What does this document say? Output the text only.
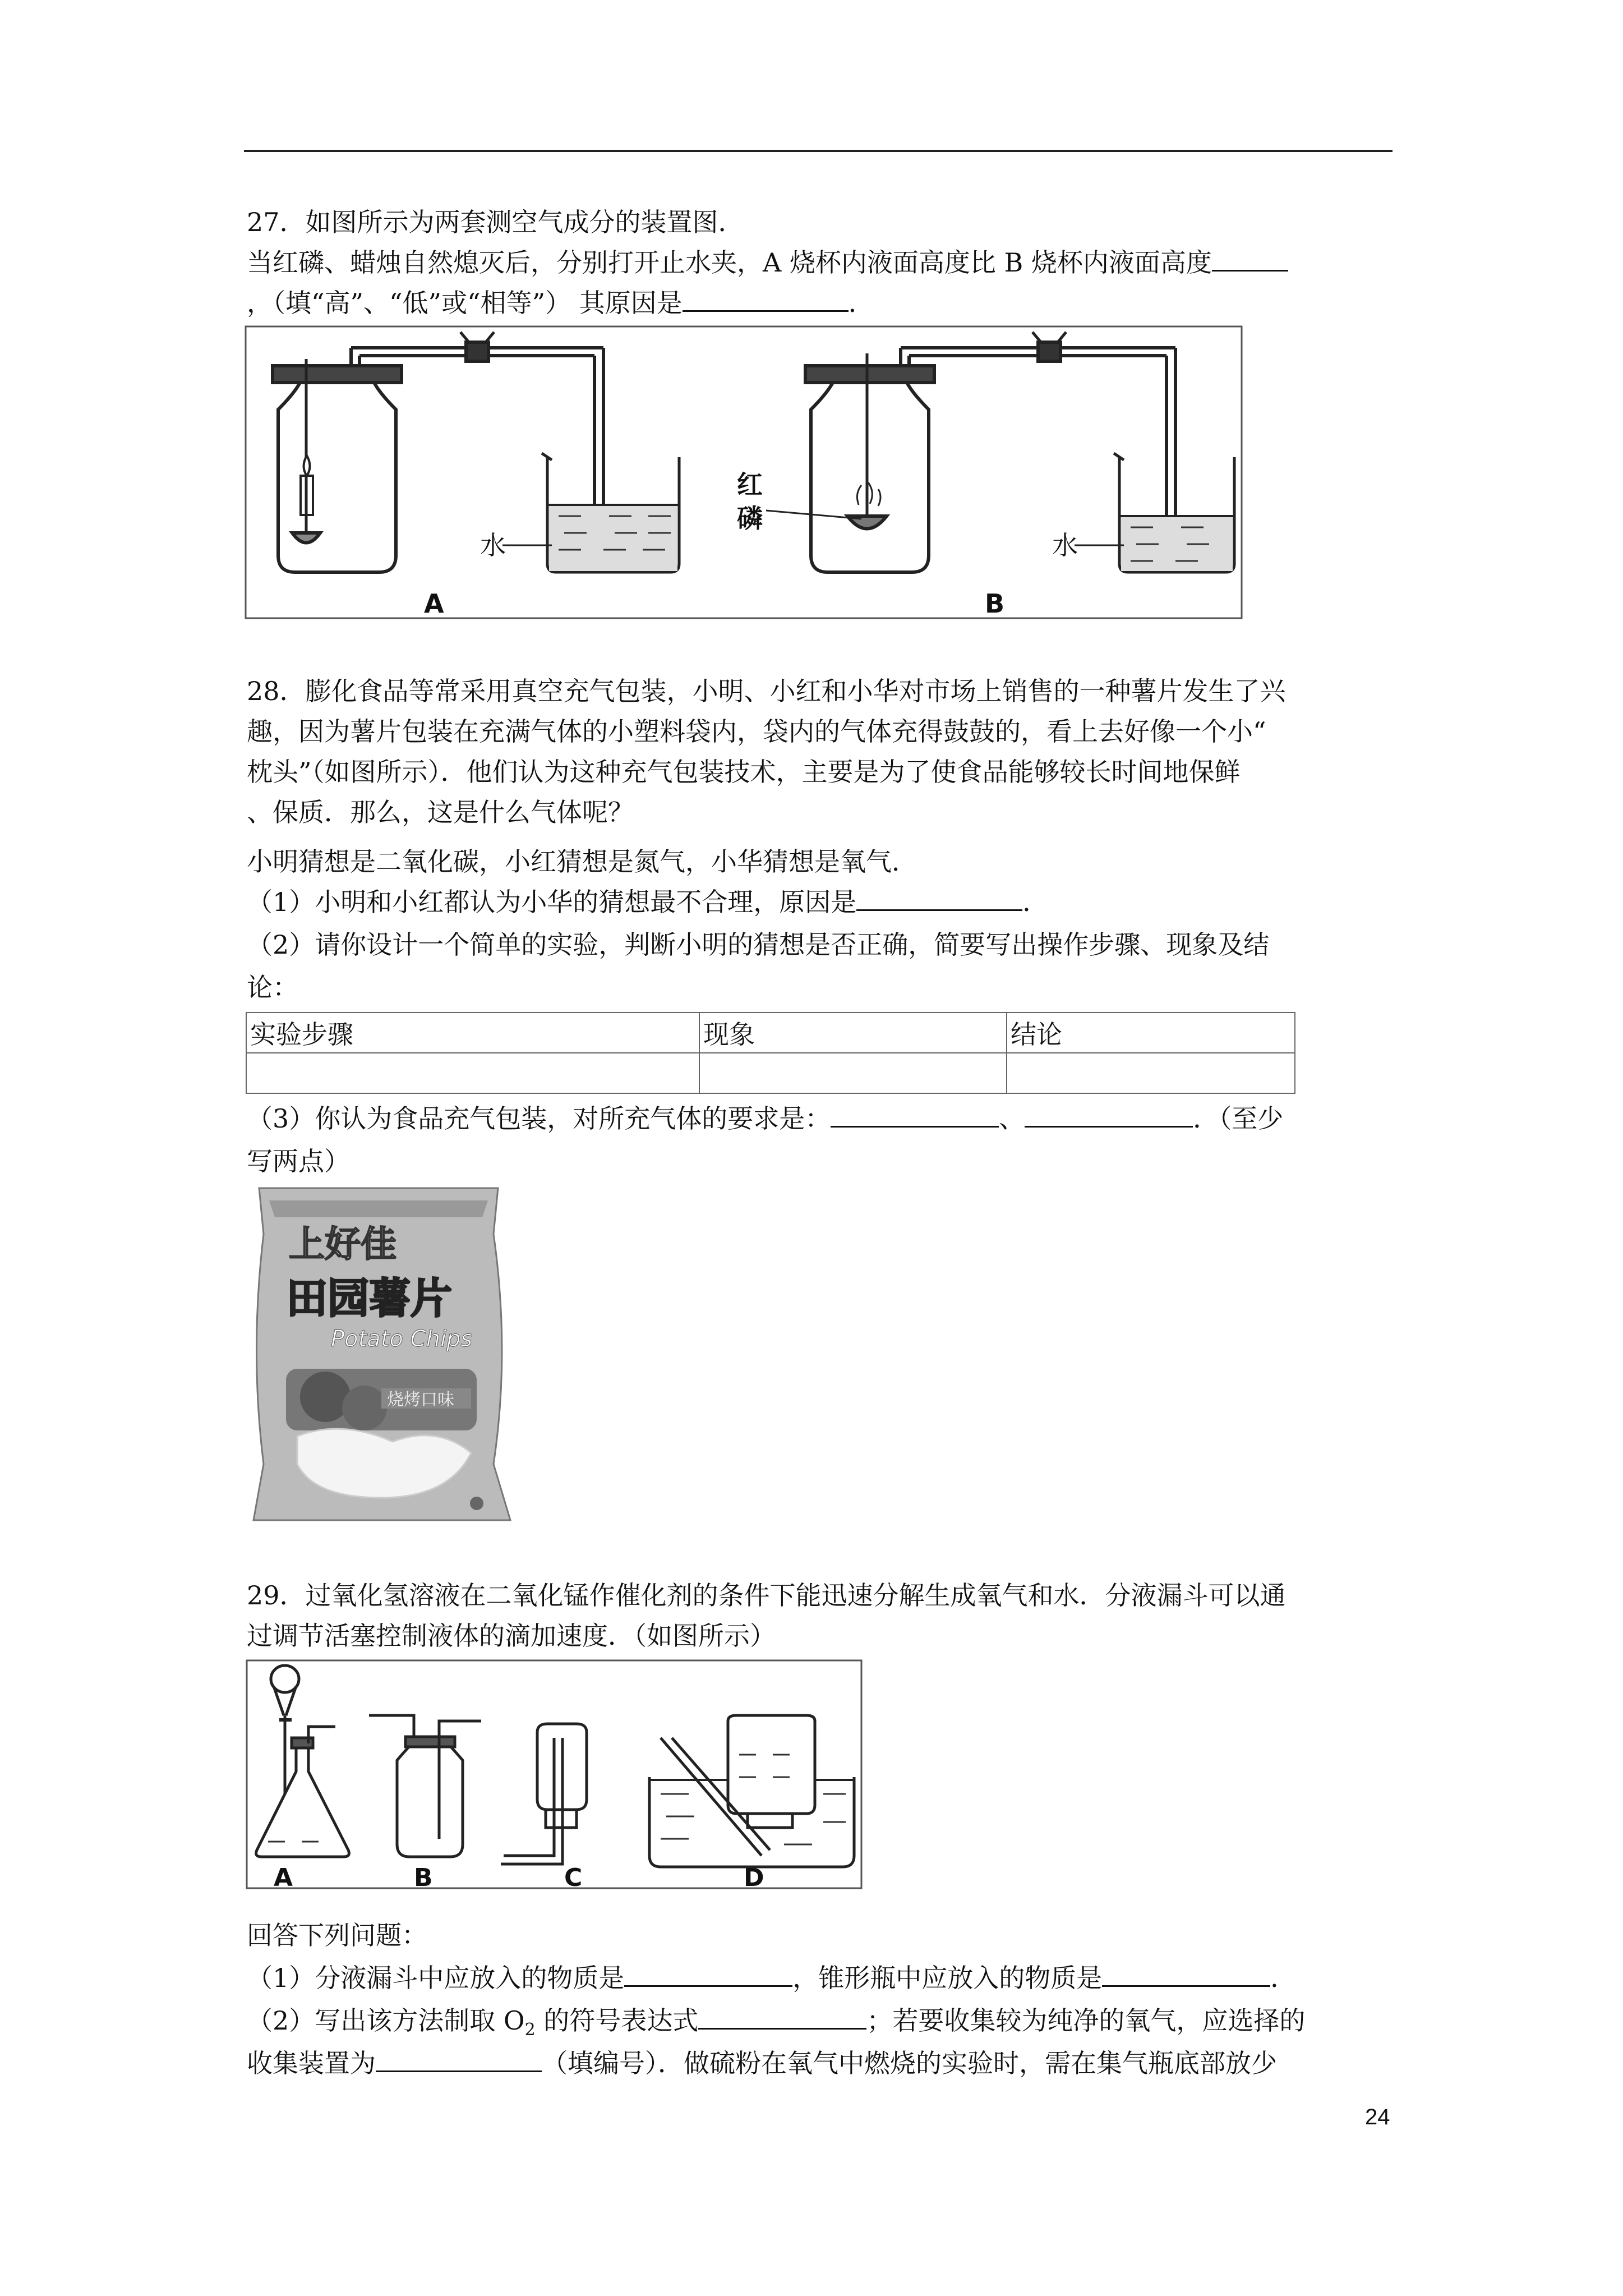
27．如图所示为两套测空气成分的装置图．
当红磷、蜡烛自然熄灭后，分别打开止水夹，A 烧杯内液面高度比 B 烧杯内液面高度
，（填“高”、“低”或“相等”） 其原因是	．
水
A
红
磷
水
B
28．膨化食品等常采用真空充气包装，小明、小红和小华对市场上销售的一种薯片发生了兴
趣，因为薯片包装在充满气体的小塑料袋内，袋内的气体充得鼓鼓的，看上去好像一个小“
枕头”（如图所示）．他们认为这种充气包装技术，主要是为了使食品能够较长时间地保鲜
、保质．那么，这是什么气体呢？
小明猜想是二氧化碳，小红猜想是氮气，小华猜想是氧气．
（1）小明和小红都认为小华的猜想最不合理，原因是	．
（2）请你设计一个简单的实验，判断小明的猜想是否正确，简要写出操作步骤、现象及结
论：
实验步骤	现象	结论

（3）你认为食品充气包装，对所充气体的要求是：	、	．（至少
写两点）
上好佳
田园薯片
Potato Chips
烧烤口味
29．过氧化氢溶液在二氧化锰作催化剂的条件下能迅速分解生成氧气和水．分液漏斗可以通
过调节活塞控制液体的滴加速度．（如图所示）
A	B	C	D
回答下列问题：
（1）分液漏斗中应放入的物质是	，锥形瓶中应放入的物质是	．
（2）写出该方法制取 $O_2$ 的符号表达式	；若要收集较为纯净的氧气，应选择的
收集装置为	（填编号）．做硫粉在氧气中燃烧的实验时，需在集气瓶底部放少
24
